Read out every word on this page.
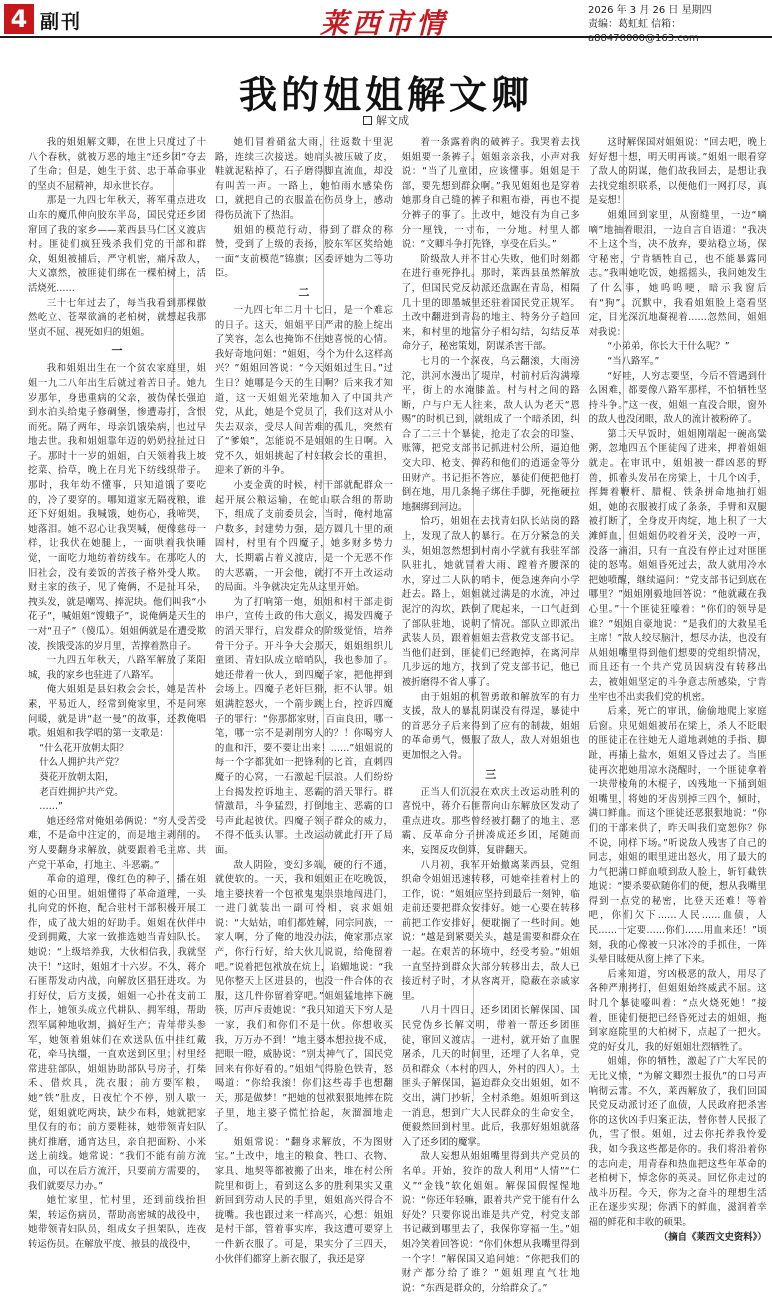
4 副刊	莱西市情	2026 年 3 月 26 日 星期四
责编：葛虹虹 信箱：a88470000@163.com
我的姐姐解文卿
解文成

我的姐姐解文卿，在世上只度过了十八个春秋，就被万恶的地主“还乡团”夺去了生命；但是，她生于贫、忠于革命事业的坚贞不屈精神，却永世长存。

那是一九四七年秋天，蒋军重点进攻山东的魔爪伸向胶东半岛，国民党还乡团窜回了我的家乡——莱西县马仁区义渡店村。匪徒们疯狂残杀我们党的干部和群众，姐姐被捕后，严守机密，痛斥敌人，大义凛然，被匪徒们绑在一棵柏树上，活活烧死……

三十七年过去了，每当我看到那棵傲然屹立、苍翠欲滴的老柏树，就想起我那坚贞不屈、视死如归的姐姐。

一

我和姐姐出生在一个贫农家庭里，姐姐一九二八年出生后就过着苦日子。她九岁那年，身患重病的父亲，被伪保长强迫到水泊头给鬼子修碉堡，惨遭毒打，含恨而死。隔了两年，母亲饥饿染病，也过早地去世。我和姐姐靠年迈的奶奶拉扯过日子。那时十一岁的姐姐，白天领着我上坡挖菜、拾草，晚上在月光下纺线织带子。那时，我年幼不懂事，只知道饿了要吃的，冷了要穿的。哪知道家无隔夜粮，谁还下好姐姐。我喊饿，她伤心，我啼哭，她落泪。她不忍心让我哭喊，便像慈母一样，让我伏在她腿上，一面哄着我快睡觉，一面吃力地纺着纺线车。在那吃人的旧社会，没有姜饭的苦孩子格外受人欺。财主家的孩子，见了俺俩，不是扯耳朵，拽头发，就是嘲骂、捧泥块。他们叫我“小花子”，喊姐姐“馊蛾子”，说俺俩是天生的一对“丑子”（傻瓜）。姐姐俩就是在遭受欺凌，挨饿受冻的岁月里，苦撑着熬日子。

一九四五年秋天，八路军解放了莱阳城，我的家乡也驻进了八路军。

俺大姐姐是县妇救会会长，她是苦朴素，平易近人，经常到俺家里，不是问寒问暖，就是讲“赵一曼”的故事，还教俺唱歌。姐姐和我学唱的第一支歌是：

“什么花开放朝太阳？

什么人拥护共产党？

葵花开放朝太阳，

老百姓拥护共产党。

……”

她还经常对俺姐弟俩说：“穷人受苦受难，不是命中注定的，而是地主剥削的。穷人要翻身求解放，就要跟着毛主席、共产党干革命，打地主、斗恶霸。”

革命的道理，像红色的种子，播在姐姐的心田里。姐姐懂得了革命道理，一头扎向党的怀抱，配合驻村干部积极开展工作，成了战大姐的好助手。姐姐在伙伴中受到拥戴，大家一致推选她当青妇队长。她说：“上级培养我，大伙相信我，我就坚决干！”这时，姐姐才十六岁。不久，蒋介石匪帮发动内战，向解放区猖狂进攻。为打好仗，后方支援，姐姐一心扑在支前工作上，她领头成立代耕队、拥军组，帮助烈军属种地收割，搞好生产；青年带头参军，她领着姐妹们在欢送队伍中挂红戴花，牵马执缰，一直欢送到区里；村里经常进驻部队，姐姐协助部队号房子，打柴禾、借炊具，洗衣服；前方要军粮，她“铁”肚皮，日夜忙个不停，别人歇一觉，姐姐就吃两块，缺少布料，她就把家里仅有的布；前方要鞋袜，她带领青妇队挑灯推磨，通宵达旦，亲自把面粉、小米送上前线。她常说：“我们不能有前方流血，可以在后方流汗，只要前方需要的，我们就要尽力办。”

她忙家里，忙村里，还到前线抬担架，转运伤病员，帮助高密城的战役中，她带领青妇队员，组成女子担架队，连夜转运伤员。在解放平度、掖县的战役中，

她们冒着硝盆大雨，往返数十里泥路，连续三次接送。她肩头被压破了皮，鞋就泥粘掉了，石子磨得脚直流血，却没有叫苦一声。一路上，她怕雨水感染伤口，就把自己的衣服盖在伤员身上，感动得伤员流下了热泪。

姐姐的模范行动，得到了群众的称赞，受到了上级的表扬，胶东军区奖给她一面“支前模范”锦旗；区委评她为二等功臣。

二

一九四七年二月十七日，是一个难忘的日子。这天，姐姐平日严肃的脸上绽出了笑容，怎么也掩饰不住她喜悦的心情。我好奇地问姐：“姐姐，今个为什么这样高兴？”姐姐回答说：“今天姐姐过生日。”过生日？她哪是今天的生日啊？后来我才知道，这一天姐姐光荣地加入了中国共产党，从此，她是个党员了，我们这对从小失去双亲，受尽人间苦难的孤儿，突然有了“爹娘”，怎能说不是姐姐的生日啊。入党不久，姐姐挑起了村妇救会长的重担，迎来了新的斗争。

小麦金黄的时候，村干部就配群众一起开展公粮运输，在蛇山联合组的帮助下，组成了支前委员会，当时，俺村地富户数多，封建势力强，是方圆几十里的顽固村，村里有个四魔子，她多财多势力大，长期霸占着义渡店，是一个无恶不作的大恶霸，一开会他，就打不开土改运动的局面。斗争就决定先从这里开始。

为了打响第一炮，姐姐和村干部走街串户，宣传土政的伟大意义，揭发四魔子的滔天罪行，启发群众的阶级觉悟，培养骨干分子。开斗争大会那天，姐姐组织儿童团、青妇队成立暗哨队，我也参加了。她还带着一伙人，到四魔子家，把他押到会场上。四魔子老奸巨猾，拒不认罪。姐姐满腔怒火，一个箭步跳上台，控诉四魔子的罪行：“你那都家财，百亩良田，哪一笔，哪一宗不是剥削穷人的？！你喝穷人的血和汗，要不要让出来！……”姐姐说的每一个字都犹如一把锋利的匕首，直刺四魔子的心窝，一石激起千层浪。人们纷纷上台揭发控诉地主、恶霸的滔天罪行。群情激昂，斗争猛烈，打倒地主、恶霸的口号声此起彼伏。四魔子领子群众的威力，不得不低头认罪。土改运动就此打开了局面。

敌人阴险，变幻多端，硬的行不通，就使软的。一天，我和姐姐正在吃晚饭，地主婆挟着一个包袱鬼鬼祟祟地闯进门，一进门就装出一副可怜相，哀求姐姐说：“大姑姑，咱们都姓解，同宗同族，一家人啊，分了俺的地没办法，俺家那点家产，你行行好，给大伙儿说说，给俺留着吧。”说着把包袱放在炕上，谄媚地说：“我见你整天上区进县的，也没一件合体的衣服，这几件你留着穿吧。”姐姐猛地摔下碗筷，厉声斥责她说：“我只知道天下穷人是一家，我们和你们不是一伙。你想收买我，万万办不到！”地主婆本想拉拢不成，把眼一瞪，威胁说：“别太神气了，国民党回来有你好看的。”姐姐气得脸色铁青，怒喝道：“你给我滚！你们这些毒手也想翻天，那是做梦！”把她的包袱狠狠地摔在院子里，地主婆子慌忙拾起，灰溜溜地走了。

姐姐常说：“翻身求解放，不为图财宝。”土改中，地主的粮食、牲口、衣物、家具、地契等都被搬了出来，堆在村公所院里和街上，看到这么多的胜利果实又重新回到劳动人民的手里，姐姐高兴得合不拢嘴。我也跟过来一样高兴，心想：姐姐是村干部，管着事实库，我这遭可要穿上一件新衣服了。可是，果实分了三四天，小伙伴们都穿上新衣服了，我还是穿

着一条露着肉的破裤子。我哭着去找姐姐要一条裤子。姐姐亲亲我，小声对我说：“当了儿童团，应该懂事。姐姐是干部，要先想到群众啊。”我见姐姐也是穿着她那身自己缝的裤子和粗布褂，再也不提分裤子的事了。土改中，她没有为自己多分一厘钱，一寸布，一分地。村里人都说：“文卿斗争打先锋，享受在后头。”

阶级敌人并不甘心失败，他们时刻都在进行垂死挣扎。那时，莱西县虽然解放了，但国民党反动派还盘踞在青岛，相隔几十里的即墨城里还驻着国民党正规军。土改中翻进到青岛的地主、特务分子趋回来，和村里的地富分子相勾结，勾结反革命分子，秘密策划，阴谋杀害干部。

七月的一个深夜，乌云翻滚，大雨滂沱，洪河水漫出了堤岸，村前村后沟满壕平，街上的水淹膝盖。村与村之间的路断，户与户无人往来，敌人认为老天“恩赐”的时机已到，就组成了一个暗杀团，纠合了二三十个暴徒，抢走了农会的印鉴、账簿，把党支部书记抓进村公所，逼迫他交大印、枪支、弹药和他们的逍遥金等分田财产。书记拒不答应，暴徒们便把他打倒在地，用几条绳子绑住手脚，死拖硬拉地捆绑到河边。

恰巧，姐姐在去找青妇队长站岗的路上，发现了敌人的暴行。在万分紧急的关头，姐姐忽然想到村南小学就有我驻军部队驻扎，她就冒着大雨、蹚着齐腰深的水，穿过二人队的哨卡，便急速奔向小学赶去。路上，姐姐就过满是的水流，冲过泥泞的沟坎，跌倒了爬起来，一口气赶到了部队驻地，说明了情况。部队立即派出武装人员，跟着姐姐去营救党支部书记。当他们赶到，匪徒们已经跑掉，在离河岸几步远的地方，找到了党支部书记，他已被折磨得不省人事了。

由于姐姐的机智勇敢和解放军的有力支援，敌人的暴乱阴谋没有得逞，暴徒中的首恶分子后来得到了应有的制裁，姐姐的革命勇气，慑服了敌人，敌人对姐姐也更加恨之入骨。

三

正当人们沉浸在欢庆土改运动胜利的喜悦中，蒋介石匪帮向山东解放区发动了重点进攻。那些曾经被打翻了的地主、恶霸、反革命分子拼凑成还乡团，尾随而来，妄图反攻倒算，复辟翻天。

八月初，我军开始撤离莱西县，党组织命令姐姐迅速转移，可她牵挂着村上的工作，说：“姐姐应坚持到最后一刻钟，临走前还要把群众安排好。她一心要在转移前把工作安排好，便耽搁了一些时间。她说：“越是到紧要关头，越是需要和群众在一起。在艰苦的环境中，经受考验。”姐姐一直坚持到群众大部分转移出去，敌人已接近村子时，才从容离开，隐蔽在亲戚家里。

八月十四日，还乡团团长解保国、国民党伪乡长解文明，带着一帮还乡团匪徒，窜回义渡店。一进村，就开始了血腥屠杀，几天的时间里，还埋了人名单，党员和群众（本村的四人，外村的四人）。土匪头子解保国，逼迫群众交出姐姐，如不交出，满门抄斩，全村杀绝。姐姐听到这一消息，想到广大人民群众的生命安全，便毅然回到村里。此后，我那好姐姐就落入了还乡团的魔掌。

敌人妄想从姐姐嘴里得到共产党员的名单。开始，狡诈的敌人利用“人情”“仁义”“金钱”软化姐姐。解保国假惺惺地说：“你还年轻嘛，跟着共产党干能有什么好处？只要你说出谁是共产党，村党支部书记藏到哪里去了，我保你穿福一生。”姐姐冷笑着回答说：“你们休想从我嘴里得到一个字！”解保国又追问她：“你把我们的财产都分给了谁？”姐姐理直气壮地说：“东西是群众的，分给群众了。”

这时解保国对姐姐说：“回去吧，晚上好好想一想，明天明再谈。”姐姐一眼看穿了敌人的阴谋，他们故我回去，是想让我去找党组织联系，以便他们一网打尽，真是妄想！

姐姐回到家里，从窗缝里，一边“嘀嘀”地抽着眼泪，一边自言自语道：“我决不上这个当，决不放弃，要站稳立场，保守秘密，宁肯牺牲自己，也不能暴露同志。”我叫她吃饭，她摇摇头，我问她发生了什么事，她呜呜哽，暗示我窗后有“狗”。沉默中，我看姐姐脸上毫看坚定，目光深沉地凝视着……忽然间，姐姐对我说：

“小弟弟，你长大干什么呢？”

“当八路军。”

“好哇，人穷志要坚，今后不管遇到什么困难，都要像八路军那样，不怕牺牲坚持斗争。”这一夜，姐姐一直没合眼，窗外的敌人也没闭眼，敌人的流计被粉碎了。

第二天早饭时，姐姐刚端起一碗高粱粥，忽地四五个匪徒闯了进来，押着姐姐就走。在审讯中，姐姐被一群凶恶的野兽，抓着头发吊在房梁上，十几个凶手，挥舞着鞭杆、腊棍、铁条拼命地抽打姐姐，她的衣服被打成了条条，手臂和双腿被打断了，全身皮开肉绽，地上积了一大滩鲜血，但姐姐仍咬着牙关，没哼一声，没落一滴泪，只有一直没有停止过对匪匪徒的怒骂。姐姐昏死过去，敌人就用冷水把她喷醒，继续逼问：“党支部书记到底在哪里？”姐姐刚毅地回答说：“他就藏在我心里。”一个匪徒狂嚎着：“你们的领导是谁？”姐姐自豪地说：“是我们的大救星毛主席！”敌人绞尽脑汁，想尽办法，也没有从姐姐嘴里得到他们想要的党组织情况，而且还有一个共产党员因病没有转移出去，被姐姐坚定的斗争意志所感染，宁肯坐牢也不出卖我们党的机密。

后来，死亡的审讯，偷偷地爬上家庭后窗。只见姐姐被吊在梁上，杀人不眨眼的匪徒正在往她无人道地剥她的手指、脚趾，再插上盐水，姐姐又昏过去了。当匪徒再次把她用凉水浇醒时，一个匪徒拿着一块带棱角的木棍子，凶残地一下捅到姐姐嘴里，将她的牙齿别掉三四个，倾时，满口鲜血。而这个匪徒还恶狠狠地说：“你们的干部来供了，昨天叫我们宽恕你？你不说，同样下场。”听说敌人残害了自己的同志，姐姐的眼里迸出怒火，用了最大的力气把满口鲜血喷到敌人脸上，斩钉截铁地说：“要杀要砍随你们的便，想从我嘴里得到一点党的秘密，比登天还难！等着吧，你们欠下……人民……血债，人民……一定要……你们……用血来还！”顷刻，我的心像被一只冰冷的手抓住，一阵头晕目眩便从窗上摔了下来。

后来知道，穷凶极恶的敌人，用尽了各种严刑拷打，但姐姐始终威武不屈。这时几个暴徒嚎叫着：“点火烧死她！”接着，匪徒们便把已经昏死过去的姐姐，拖到家庭院里的大柏树下，点起了一把火。党的好女儿，我的好姐姐壮烈牺牲了。

姐姐，你的牺牲，激起了广大军民的无比义愤，“为解文卿烈士报仇”的口号声响彻云霄。不久，莱西解放了，我们回国民党反动派讨还了血债，人民政府把杀害你的这伙凶手归案正法，替你替人民报了仇，雪了恨。姐姐，过去你托养我怜爱我，如今我这些都是你的。我们将沿着你的志向走，用青春和热血把这些年革命的老柏树下，悼念你的英灵。回忆你走过的战斗历程。今天，你为之奋斗的理想生活正在逐步实现；你洒下的鲜血，滋润着幸福的鲜花和丰收的硕果。

（摘自《莱西文史资料》）
